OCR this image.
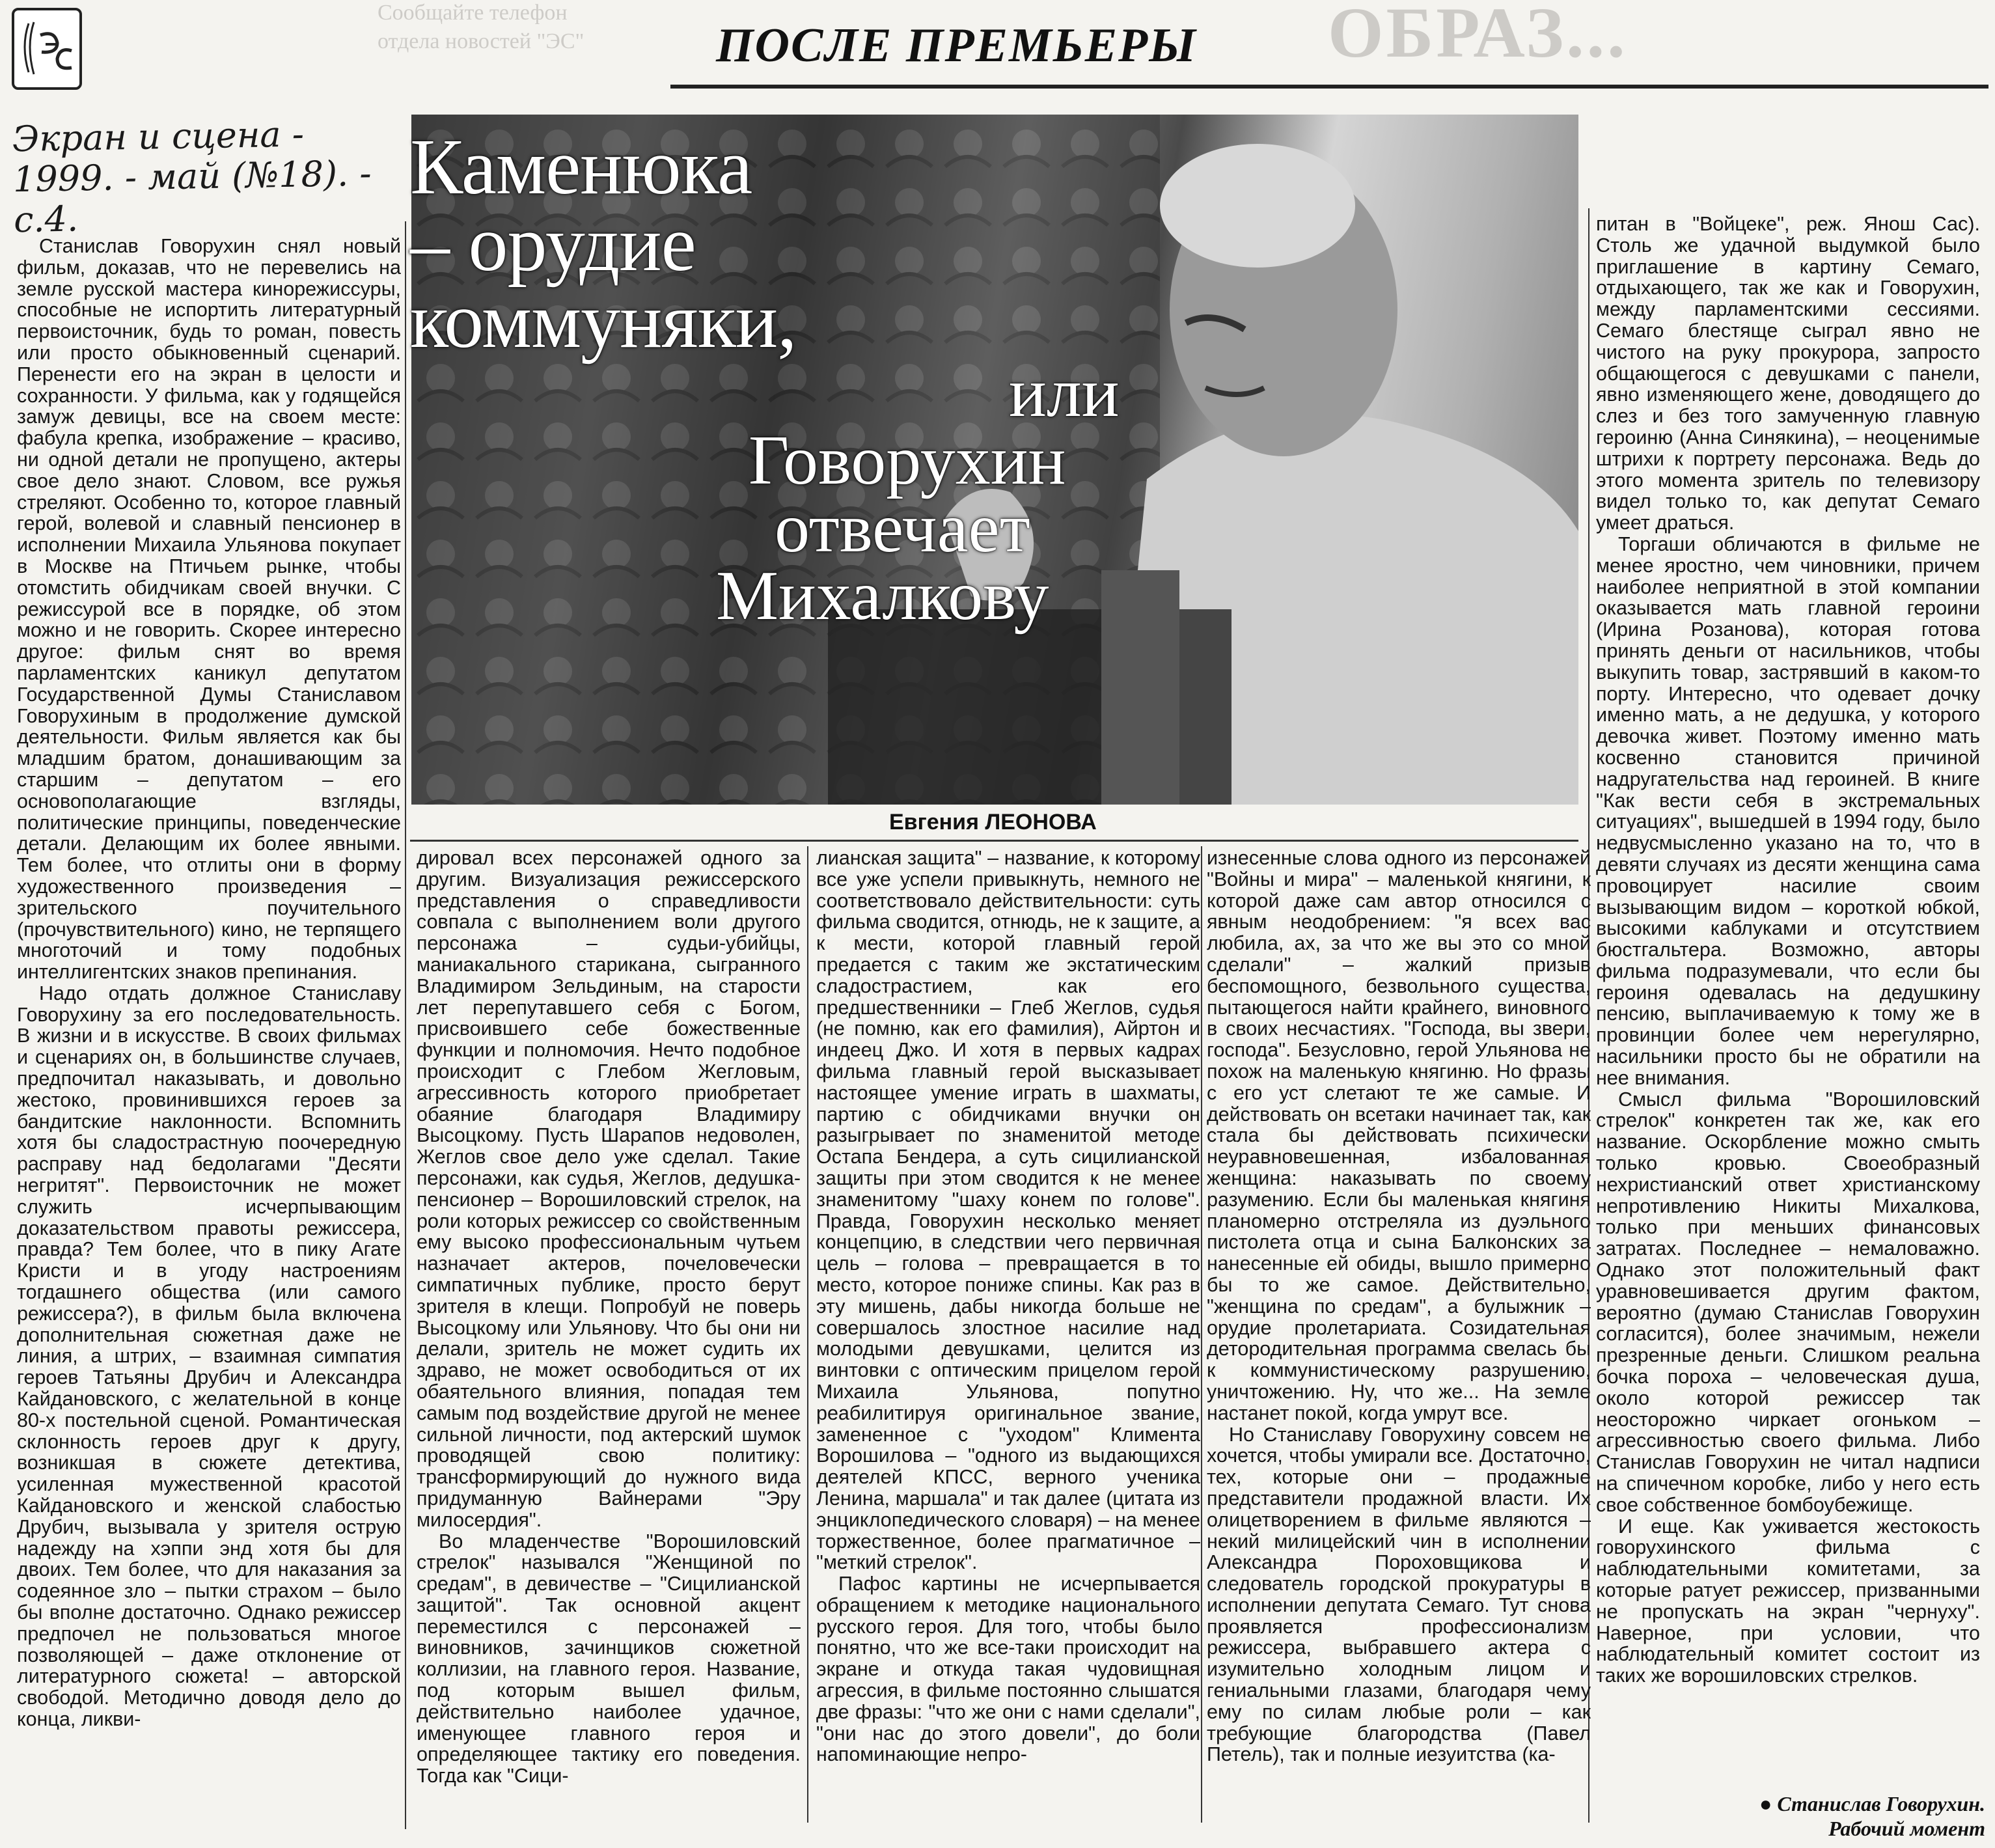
Сообщайте телефон
отдела новостей "ЭС"	ОБРАЗ...
ПОСЛЕ ПРЕМЬЕРЫ
Экран и сцена -
1999. - май (№18). -
с.4.
Каменюка
– орудие
коммуняки,
или
Говорухин
отвечает
Михалкову
Евгения ЛЕОНОВА

Станислав Говорухин снял новый фильм, доказав, что не перевелись на земле русской мастера кинорежиссуры, способные не испортить литературный первоисточник, будь то роман, повесть или просто обыкновенный сценарий. Перенести его на экран в целости и сохранности. У фильма, как у годящейся замуж девицы, все на своем месте: фабула крепка, изображение – красиво, ни одной детали не пропущено, актеры свое дело знают. Словом, все ружья стреляют. Особенно то, которое главный герой, волевой и славный пенсионер в исполнении Михаила Ульянова покупает в Москве на Птичьем рынке, чтобы отомстить обидчикам своей внучки. С режиссурой все в порядке, об этом можно и не говорить. Скорее интересно другое: фильм снят во время парламентских каникул депутатом Государственной Думы Станиславом Говорухиным в продолжение думской деятельности. Фильм является как бы младшим братом, донашивающим за старшим – депутатом – его основополагающие взгляды, политические принципы, поведенческие детали. Делающим их более явными. Тем более, что отлиты они в форму художественного произведения – зрительского поучительного (прочувствительного) кино, не терпящего многоточий и тому подобных интеллигентских знаков препинания.

Надо отдать должное Станиславу Говорухину за его последовательность. В жизни и в искусстве. В своих фильмах и сценариях он, в большинстве случаев, предпочитал наказывать, и довольно жестоко, провинившихся героев за бандитские наклонности. Вспомнить хотя бы сладострастную поочередную расправу над бедолагами "Десяти негритят". Первоисточник не может служить исчерпывающим доказательством правоты режиссера, правда? Тем более, что в пику Агате Кристи и в угоду настроениям тогдашнего общества (или самого режиссера?), в фильм была включена дополнительная сюжетная даже не линия, а штрих, – взаимная симпатия героев Татьяны Друбич и Александра Кайдановского, с желательной в конце 80-х постельной сценой. Романтическая склонность героев друг к другу, возникшая в сюжете детектива, усиленная мужественной красотой Кайдановского и женской слабостью Друбич, вызывала у зрителя острую надежду на хэппи энд хотя бы для двоих. Тем более, что для наказания за содеянное зло – пытки страхом – было бы вполне достаточно. Однако режиссер предпочел не пользоваться многое позволяющей – даже отклонение от литературного сюжета! – авторской свободой. Методично доводя дело до конца, ликви-

дировал всех персонажей одного за другим. Визуализация режиссерского представления о справедливости совпала с выполнением воли другого персонажа – судьи-убийцы, маниакального старикана, сыгранного Владимиром Зельдиным, на старости лет перепутавшего себя с Богом, присвоившего себе божественные функции и полномочия. Нечто подобное происходит с Глебом Жегловым, агрессивность которого приобретает обаяние благодаря Владимиру Высоцкому. Пусть Шарапов недоволен, Жеглов свое дело уже сделал. Такие персонажи, как судья, Жеглов, дедушка-пенсионер – Ворошиловский стрелок, на роли которых режиссер со свойственным ему высоко профессиональным чутьем назначает актеров, почеловечески симпатичных публике, просто берут зрителя в клещи. Попробуй не поверь Высоцкому или Ульянову. Что бы они ни делали, зритель не может судить их здраво, не может освободиться от их обаятельного влияния, попадая тем самым под воздействие другой не менее сильной личности, под актерский шумок проводящей свою политику: трансформирующий до нужного вида придуманную Вайнерами "Эру милосердия".

Во младенчестве "Ворошиловский стрелок" назывался "Женщиной по средам", в девичестве – "Сицилианской защитой". Так основной акцент переместился с персонажей – виновников, зачинщиков сюжетной коллизии, на главного героя. Название, под которым вышел фильм, действительно наиболее удачное, именующее главного героя и определяющее тактику его поведения. Тогда как "Сици-

лианская защита" – название, к которому все уже успели привыкнуть, немного не соответствовало действительности: суть фильма сводится, отнюдь, не к защите, а к мести, которой главный герой предается с таким же экстатическим сладострастием, как его предшественники – Глеб Жеглов, судья (не помню, как его фамилия), Айртон и индеец Джо. И хотя в первых кадрах фильма главный герой высказывает настоящее умение играть в шахматы, партию с обидчиками внучки он разыгрывает по знаменитой методе Остапа Бендера, а суть сицилианской защиты при этом сводится к не менее знаменитому "шаху конем по голове". Правда, Говорухин несколько меняет концепцию, в следствии чего первичная цель – голова – превращается в то место, которое пониже спины. Как раз в эту мишень, дабы никогда больше не совершалось злостное насилие над молодыми девушками, целится из винтовки с оптическим прицелом герой Михаила Ульянова, попутно реабилитируя оригинальное звание, замененное с "уходом" Климента Ворошилова – "одного из выдающихся деятелей КПСС, верного ученика Ленина, маршала" и так далее (цитата из энциклопедического словаря) – на менее торжественное, более прагматичное – "меткий стрелок".

Пафос картины не исчерпывается обращением к методике национального русского героя. Для того, чтобы было понятно, что же все-таки происходит на экране и откуда такая чудовищная агрессия, в фильме постоянно слышатся две фразы: "что же они с нами сделали", "они нас до этого довели", до боли напоминающие непро-

изнесенные слова одного из персонажей "Войны и мира" – маленькой княгини, к которой даже сам автор относился с явным неодобрением: "я всех вас любила, ах, за что же вы это со мной сделали" – жалкий призыв беспомощного, безвольного существа, пытающегося найти крайнего, виновного в своих несчастиях. "Господа, вы звери, господа". Безусловно, герой Ульянова не похож на маленькую княгиню. Но фразы с его уст слетают те же самые. И действовать он всетаки начинает так, как стала бы действовать психически неуравновешенная, избалованная женщина: наказывать по своему разумению. Если бы маленькая княгиня планомерно отстреляла из дуэльного пистолета отца и сына Балконских за нанесенные ей обиды, вышло примерно бы то же самое. Действительно, "женщина по средам", а булыжник – орудие пролетариата. Созидательная детородительная программа свелась бы к коммунистическому разрушению, уничтожению. Ну, что же... На земле настанет покой, когда умрут все.

Но Станиславу Говорухину совсем не хочется, чтобы умирали все. Достаточно, тех, которые они – продажные представители продажной власти. Их олицетворением в фильме являются – некий милицейский чин в исполнении Александра Пороховщикова и следователь городской прокуратуры в исполнении депутата Семаго. Тут снова проявляется профессионализм режиссера, выбравшего актера с изумительно холодным лицом и гениальными глазами, благодаря чему ему по силам любые роли – как требующие благородства (Павел Петель), так и полные иезуитства (ка-

питан в "Войцеке", реж. Янош Сас). Столь же удачной выдумкой было приглашение в картину Семаго, отдыхающего, так же как и Говорухин, между парламентскими сессиями. Семаго блестяще сыграл явно не чистого на руку прокурора, запросто общающегося с девушками с панели, явно изменяющего жене, доводящего до слез и без того замученную главную героиню (Анна Синякина), – неоценимые штрихи к портрету персонажа. Ведь до этого момента зритель по телевизору видел только то, как депутат Семаго умеет драться.

Торгаши обличаются в фильме не менее яростно, чем чиновники, причем наиболее неприятной в этой компании оказывается мать главной героини (Ирина Розанова), которая готова принять деньги от насильников, чтобы выкупить товар, застрявший в каком-то порту. Интересно, что одевает дочку именно мать, а не дедушка, у которого девочка живет. Поэтому именно мать косвенно становится причиной надругательства над героиней. В книге "Как вести себя в экстремальных ситуациях", вышедшей в 1994 году, было недвусмысленно указано на то, что в девяти случаях из десяти женщина сама провоцирует насилие своим вызывающим видом – короткой юбкой, высокими каблуками и отсутствием бюстгальтера. Возможно, авторы фильма подразумевали, что если бы героиня одевалась на дедушкину пенсию, выплачиваемую к тому же в провинции более чем нерегулярно, насильники просто бы не обратили на нее внимания.

Смысл фильма "Ворошиловский стрелок" конкретен так же, как его название. Оскорбление можно смыть только кровью. Своеобразный нехристианский ответ христианскому непротивлению Никиты Михалкова, только при меньших финансовых затратах. Последнее – немаловажно. Однако этот положительный факт уравновешивается другим фактом, вероятно (думаю Станислав Говорухин согласится), более значимым, нежели презренные деньги. Слишком реальна бочка пороха – человеческая душа, около которой режиссер так неосторожно чиркает огоньком – агрессивностью своего фильма. Либо Станислав Говорухин не читал надписи на спичечном коробке, либо у него есть свое собственное бомбоубежище.

И еще. Как уживается жестокость говорухинского фильма с наблюдательными комитетами, за которые ратует режиссер, призванными не пропускать на экран "чернуху". Наверное, при условии, что наблюдательный комитет состоит из таких же ворошиловских стрелков.

● Станислав Говорухин.
Рабочий момент
